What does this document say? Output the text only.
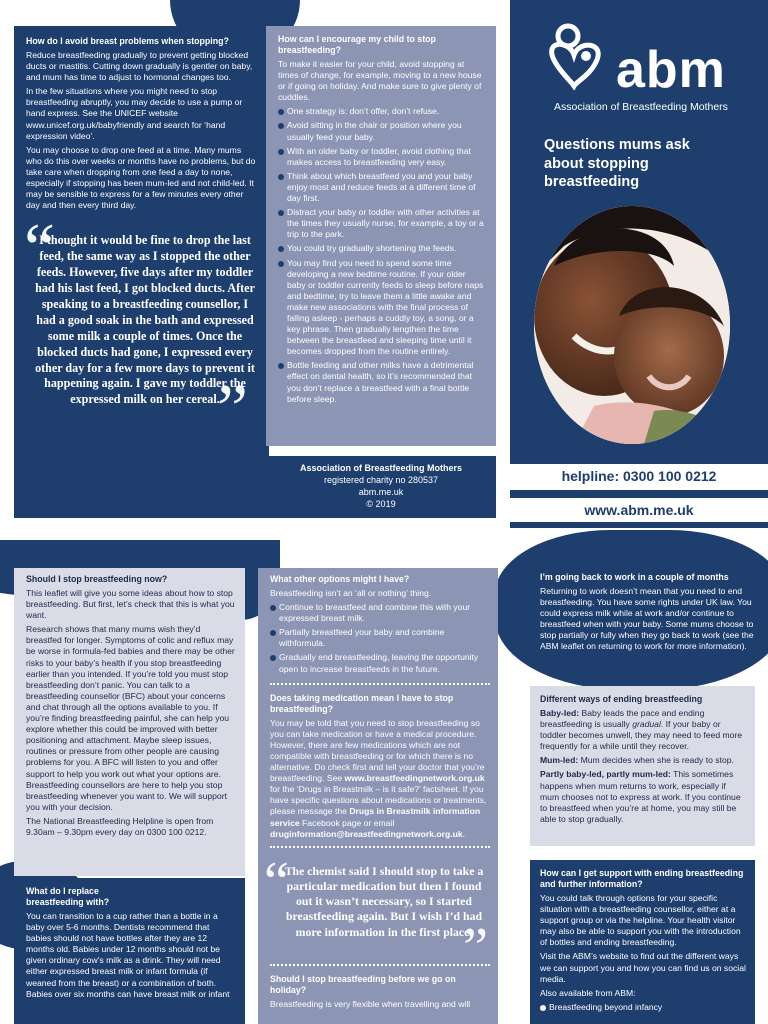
How do I avoid breast problems when stopping?

Reduce breastfeeding gradually to prevent getting blocked ducts or mastitis. Cutting down gradually is gentler on baby, and mum has time to adjust to hormonal changes too.

In the few situations where you might need to stop breastfeeding abruptly, you may decide to use a pump or hand express. See the UNICEF website www.unicef.org.uk/babyfriendly and search for ‘hand expression video’.

You may choose to drop one feed at a time. Many mums who do this over weeks or months have no problems, but do take care when dropping from one feed a day to none, especially if stopping has been mum-led and not child-led. It may be sensible to express for a few minutes every other day and then every third day.

“
I thought it would be fine to drop the last feed, the same way as I stopped the other feeds. However, five days after my toddler had his last feed, I got blocked ducts. After speaking to a breastfeeding counsellor, I had a good soak in the bath and expressed some milk a couple of times. Once the blocked ducts had gone, I expressed every other day for a few more days to prevent it happening again. I gave my toddler the expressed milk on her cereal.
”
How can I encourage my child to stop breastfeeding?

To make it easier for your child, avoid stopping at times of change, for example, moving to a new house or if going on holiday. And make sure to give plenty of cuddles.

One strategy is: don’t offer, don’t refuse.
Avoid sitting in the chair or position where you usually feed your baby.
With an older baby or toddler, avoid clothing that makes access to breastfeeding very easy.
Think about which breastfeed you and your baby enjoy most and reduce feeds at a different time of day first.
Distract your baby or toddler with other activities at the times they usually nurse, for example, a toy or a trip to the park.
You could try gradually shortening the feeds.
You may find you need to spend some time developing a new bedtime routine. If your older baby or toddler currently feeds to sleep before naps and bedtime, try to leave them a little awake and make new associations with the final process of falling asleep - perhaps a cuddly toy, a song, or a key phrase. Then gradually lengthen the time between the breastfeed and sleeping time until it becomes dropped from the routine entirely.
Bottle feeding and other milks have a detrimental effect on dental health, so it’s recommended that you don’t replace a breastfeed with a final bottle before sleep.
Association of Breastfeeding Mothers
registered charity no 280537
abm.me.uk
© 2019
abm
Association of Breastfeeding Mothers
Questions mums ask about stopping breastfeeding
helpline: 0300 100 0212
www.abm.me.uk
Should I stop breastfeeding now?

This leaflet will give you some ideas about how to stop breastfeeding. But first, let’s check that this is what you want.

Research shows that many mums wish they’d breastfed for longer. Symptoms of colic and reflux may be worse in formula-fed babies and there may be other risks to your baby’s health if you stop breastfeeding earlier than you intended. If you’re told you must stop breastfeeding don’t panic. You can talk to a breastfeeding counsellor (BFC) about your concerns and chat through all the options available to you. If you’re finding breastfeeding painful, she can help you explore whether this could be improved with better positioning and attachment. Maybe sleep issues, routines or pressure from other people are causing problems for you. A BFC will listen to you and offer support to help you work out what your options are. Breastfeeding counsellors are here to help you stop breastfeeding whenever you want to. We will support you with your decision.

The National Breastfeeding Helpline is open from 9.30am – 9.30pm every day on 0300 100 0212.

What do I replace breastfeeding with?

You can transition to a cup rather than a bottle in a baby over 5-6 months. Dentists recommend that babies should not have bottles after they are 12 months old. Babies under 12 months should not be given ordinary cow’s milk as a drink. They will need either expressed breast milk or infant formula (if weaned from the breast) or a combination of both. Babies over six months can have breast milk or infant

What other options might I have?

Breastfeeding isn’t an ‘all or nothing’ thing.

Continue to breastfeed and combine this with your expressed breast milk.
Partially breastfeed your baby and combine withformula.
Gradually end breastfeeding, leaving the opportunity open to increase breastfeeds in the future.
Does taking medication mean I have to stop breastfeeding?

You may be told that you need to stop breastfeeding so you can take medication or have a medical procedure. However, there are few medications which are not compatible with breastfeeding or for which there is no alternative. Do check first and tell your doctor that you’re breastfeeding. See www.breastfeedingnetwork.org.uk for the ‘Drugs in Breastmilk – is it safe?’ factsheet. If you have specific questions about medications or treatments, please message the Drugs in Breastmilk information service Facebook page or email druginformation@breastfeedingnetwork.org.uk.

“
The chemist said I should stop to take a particular medication but then I found out it wasn’t necessary, so I started breastfeeding again. But I wish I’d had more information in the first place.
”
Should I stop breastfeeding before we go on holiday?

Breastfeeding is very flexible when travelling and will

I’m going back to work in a couple of months

Returning to work doesn’t mean that you need to end breastfeeding. You have some rights under UK law. You could express milk while at work and/or continue to breastfeed when with your baby. Some mums choose to stop partially or fully when they go back to work (see the ABM leaflet on returning to work for more information).

Different ways of ending breastfeeding

Baby-led: Baby leads the pace and ending breastfeeding is usually gradual. If your baby or toddler becomes unwell, they may need to feed more frequently for a while until they recover.

Mum-led: Mum decides when she is ready to stop.

Partly baby-led, partly mum-led: This sometimes happens when mum returns to work, especially if mum chooses not to express at work. If you continue to breastfeed when you’re at home, you may still be able to stop gradually.

How can I get support with ending breastfeeding and further information?

You could talk through options for your specific situation with a breastfeeding counsellor, either at a support group or via the helpline. Your health visitor may also be able to support you with the introduction of bottles and ending breastfeeding.

Visit the ABM’s website to find out the different ways we can support you and how you can find us on social media.

Also available from ABM:

Breastfeeding beyond infancy
